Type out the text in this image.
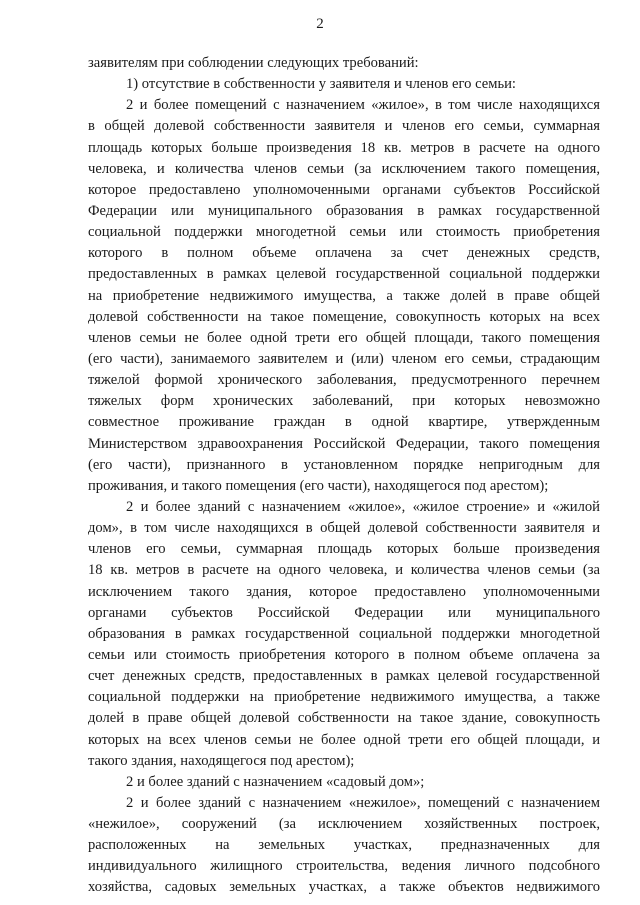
2
заявителям при соблюдении следующих требований:
1) отсутствие в собственности у заявителя и членов его семьи:
2 и более помещений с назначением «жилое», в том числе находящихся
в общей долевой собственности заявителя и членов его семьи, суммарная
площадь которых больше произведения 18 кв. метров в расчете на одного
человека, и количества членов семьи (за исключением такого помещения,
которое предоставлено уполномоченными органами субъектов Российской
Федерации или муниципального образования в рамках государственной
социальной поддержки многодетной семьи или стоимость приобретения
которого в полном объеме оплачена за счет денежных средств,
предоставленных в рамках целевой государственной социальной поддержки
на приобретение недвижимого имущества, а также долей в праве общей
долевой собственности на такое помещение, совокупность которых на всех
членов семьи не более одной трети его общей площади, такого помещения
(его части), занимаемого заявителем и (или) членом его семьи, страдающим
тяжелой формой хронического заболевания, предусмотренного перечнем
тяжелых форм хронических заболеваний, при которых невозможно
совместное проживание граждан в одной квартире, утвержденным
Министерством здравоохранения Российской Федерации, такого помещения
(его части), признанного в установленном порядке непригодным для
проживания, и такого помещения (его части), находящегося под арестом);
2 и более зданий с назначением «жилое», «жилое строение» и «жилой
дом», в том числе находящихся в общей долевой собственности заявителя и
членов его семьи, суммарная площадь которых больше произведения
18 кв. метров в расчете на одного человека, и количества членов семьи (за
исключением такого здания, которое предоставлено уполномоченными
органами субъектов Российской Федерации или муниципального
образования в рамках государственной социальной поддержки многодетной
семьи или стоимость приобретения которого в полном объеме оплачена за
счет денежных средств, предоставленных в рамках целевой государственной
социальной поддержки на приобретение недвижимого имущества, а также
долей в праве общей долевой собственности на такое здание, совокупность
которых на всех членов семьи не более одной трети его общей площади, и
такого здания, находящегося под арестом);
2 и более зданий с назначением «садовый дом»;
2 и более зданий с назначением «нежилое», помещений с назначением
«нежилое», сооружений (за исключением хозяйственных построек,
расположенных на земельных участках, предназначенных для
индивидуального жилищного строительства, ведения личного подсобного
хозяйства, садовых земельных участках, а также объектов недвижимого
